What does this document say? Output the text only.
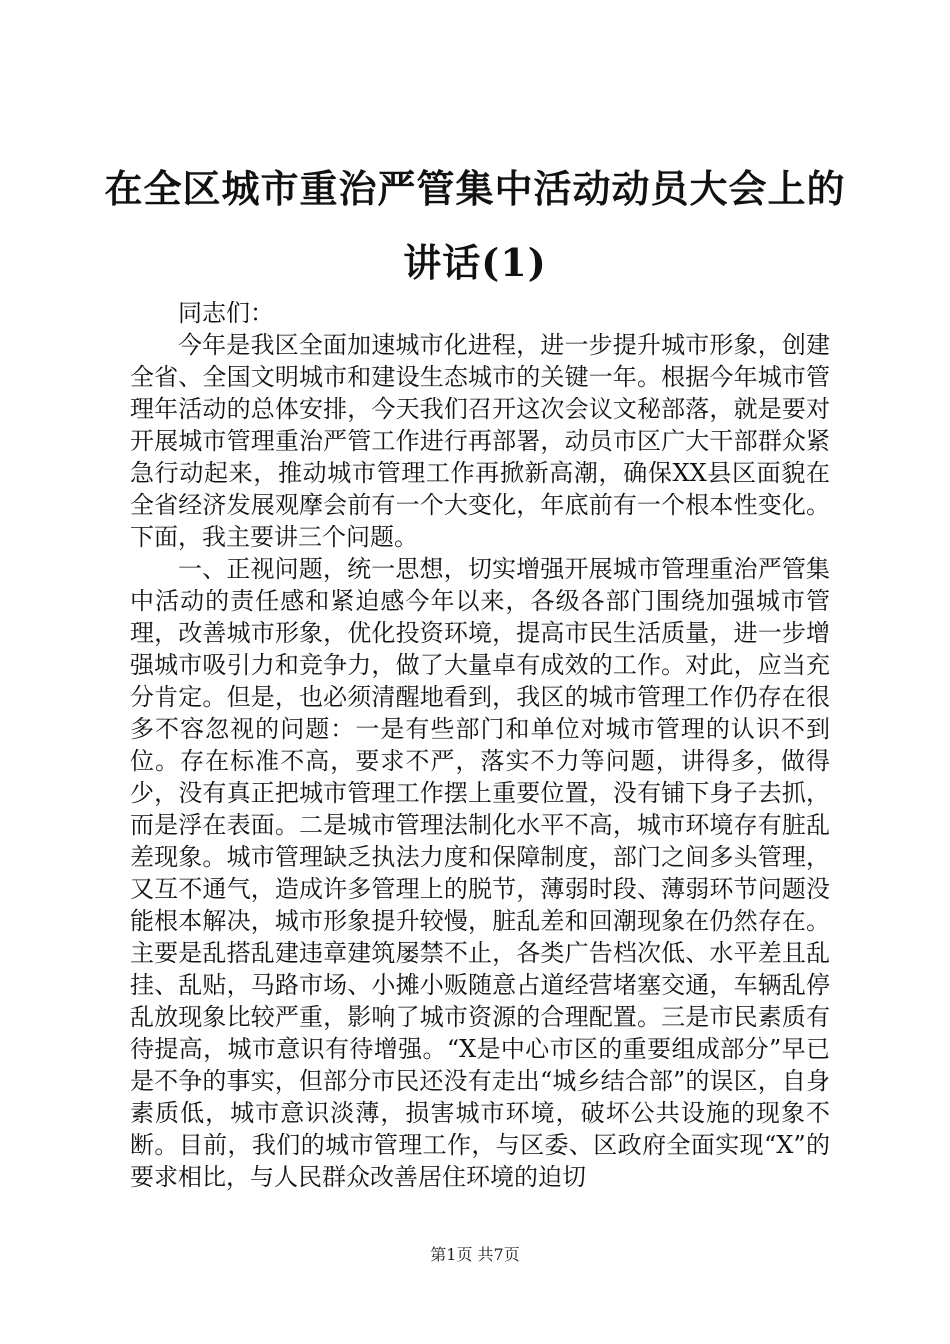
在全区城市重治严管集中活动动员大会上的讲话(1)

同志们：

今年是我区全面加速城市化进程，进一步提升城市形象，创建全省、全国文明城市和建设生态城市的关键一年。根据今年城市管理年活动的总体安排，今天我们召开这次会议文秘部落，就是要对开展城市管理重治严管工作进行再部署，动员市区广大干部群众紧急行动起来，推动城市管理工作再掀新高潮，确保XX县区面貌在全省经济发展观摩会前有一个大变化，年底前有一个根本性变化。下面，我主要讲三个问题。

一、正视问题，统一思想，切实增强开展城市管理重治严管集中活动的责任感和紧迫感今年以来，各级各部门围绕加强城市管理，改善城市形象，优化投资环境，提高市民生活质量，进一步增强城市吸引力和竞争力，做了大量卓有成效的工作。对此，应当充分肯定。但是，也必须清醒地看到，我区的城市管理工作仍存在很多不容忽视的问题：一是有些部门和单位对城市管理的认识不到位。存在标准不高，要求不严，落实不力等问题，讲得多，做得少，没有真正把城市管理工作摆上重要位置，没有铺下身子去抓，而是浮在表面。二是城市管理法制化水平不高，城市环境存有脏乱差现象。城市管理缺乏执法力度和保障制度，部门之间多头管理，又互不通气，造成许多管理上的脱节，薄弱时段、薄弱环节问题没能根本解决，城市形象提升较慢，脏乱差和回潮现象在仍然存在。主要是乱搭乱建违章建筑屡禁不止，各类广告档次低、水平差且乱挂、乱贴，马路市场、小摊小贩随意占道经营堵塞交通，车辆乱停乱放现象比较严重，影响了城市资源的合理配置。三是市民素质有待提高，城市意识有待增强。“X是中心市区的重要组成部分”早已是不争的事实，但部分市民还没有走出“城乡结合部”的误区，自身素质低，城市意识淡薄，损害城市环境，破坏公共设施的现象不断。目前，我们的城市管理工作，与区委、区政府全面实现“X”的要求相比，与人民群众改善居住环境的迫切

第1页 共7页
